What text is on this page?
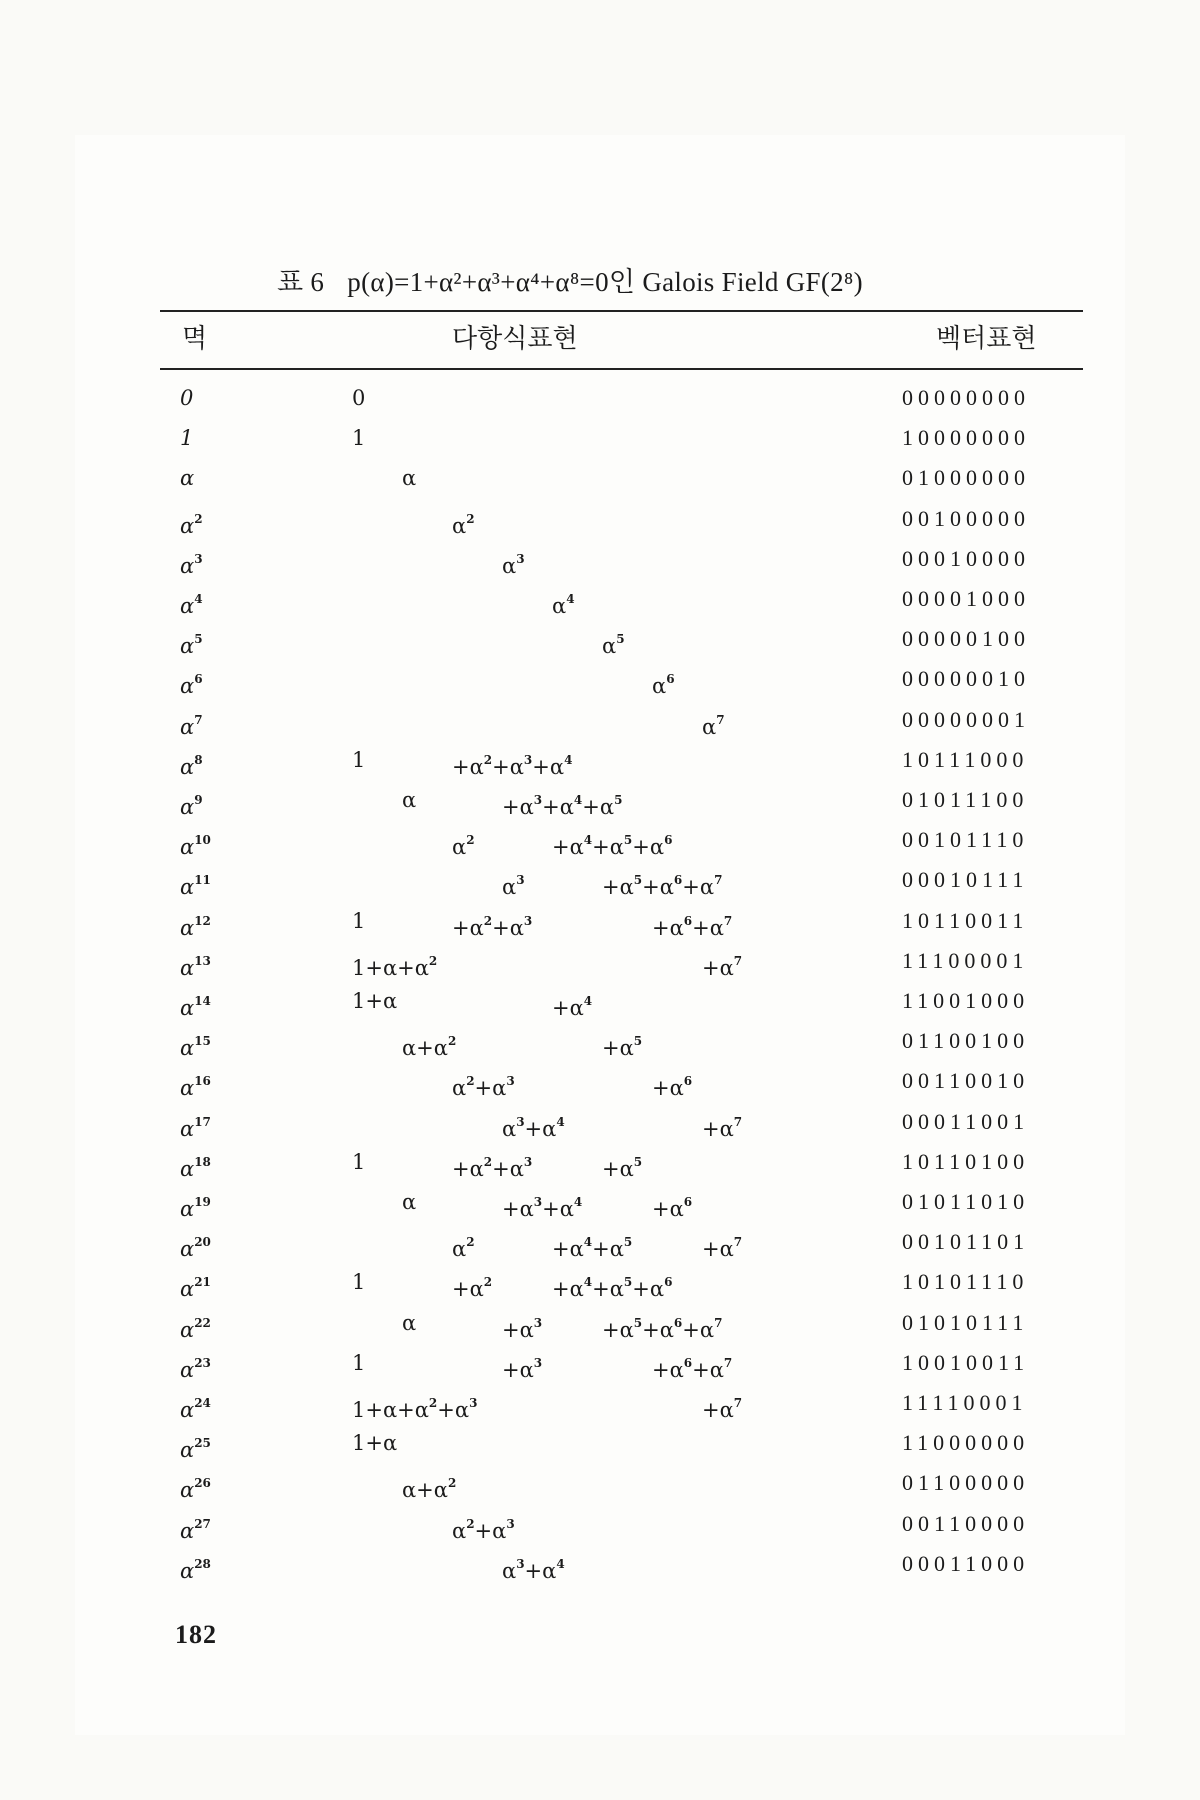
표 6 p(α)=1+α²+α³+α⁴+α⁸=0인 Galois Field GF(2⁸)
멱	다항식표현	벡터표현
0	0	00000000
1	1	10000000
α	α	01000000
$\alpha^2$	$\alpha^2$	00100000
$\alpha^3$	$\alpha^3$	00010000
$\alpha^4$	$\alpha^4$	00001000
$\alpha^5$	$\alpha^5$	00000100
$\alpha^6$	$\alpha^6$	00000010
$\alpha^7$	$\alpha^7$	00000001
$\alpha^8$	1	$+\alpha^2+\alpha^3+\alpha^4$	10111000
$\alpha^9$	α	$+\alpha^3+\alpha^4+\alpha^5$	01011100
$\alpha^{10}$	$\alpha^2$	$+\alpha^4+\alpha^5+\alpha^6$	00101110
$\alpha^{11}$	$\alpha^3$	$+\alpha^5+\alpha^6+\alpha^7$	00010111
$\alpha^{12}$	1	$+\alpha^2+\alpha^3$	$+\alpha^6+\alpha^7$	10110011
$\alpha^{13}$	$1+\alpha+\alpha^2$	$+\alpha^7$	11100001
$\alpha^{14}$	1+α	$+\alpha^4$	11001000
$\alpha^{15}$	$\alpha+\alpha^2$	$+\alpha^5$	01100100
$\alpha^{16}$	$\alpha^2+\alpha^3$	$+\alpha^6$	00110010
$\alpha^{17}$	$\alpha^3+\alpha^4$	$+\alpha^7$	00011001
$\alpha^{18}$	1	$+\alpha^2+\alpha^3$	$+\alpha^5$	10110100
$\alpha^{19}$	α	$+\alpha^3+\alpha^4$	$+\alpha^6$	01011010
$\alpha^{20}$	$\alpha^2$	$+\alpha^4+\alpha^5$	$+\alpha^7$	00101101
$\alpha^{21}$	1	$+\alpha^2$	$+\alpha^4+\alpha^5+\alpha^6$	10101110
$\alpha^{22}$	α	$+\alpha^3$	$+\alpha^5+\alpha^6+\alpha^7$	01010111
$\alpha^{23}$	1	$+\alpha^3$	$+\alpha^6+\alpha^7$	10010011
$\alpha^{24}$	$1+\alpha+\alpha^2+\alpha^3$	$+\alpha^7$	11110001
$\alpha^{25}$	1+α	11000000
$\alpha^{26}$	$\alpha+\alpha^2$	01100000
$\alpha^{27}$	$\alpha^2+\alpha^3$	00110000
$\alpha^{28}$	$\alpha^3+\alpha^4$	00011000
182
